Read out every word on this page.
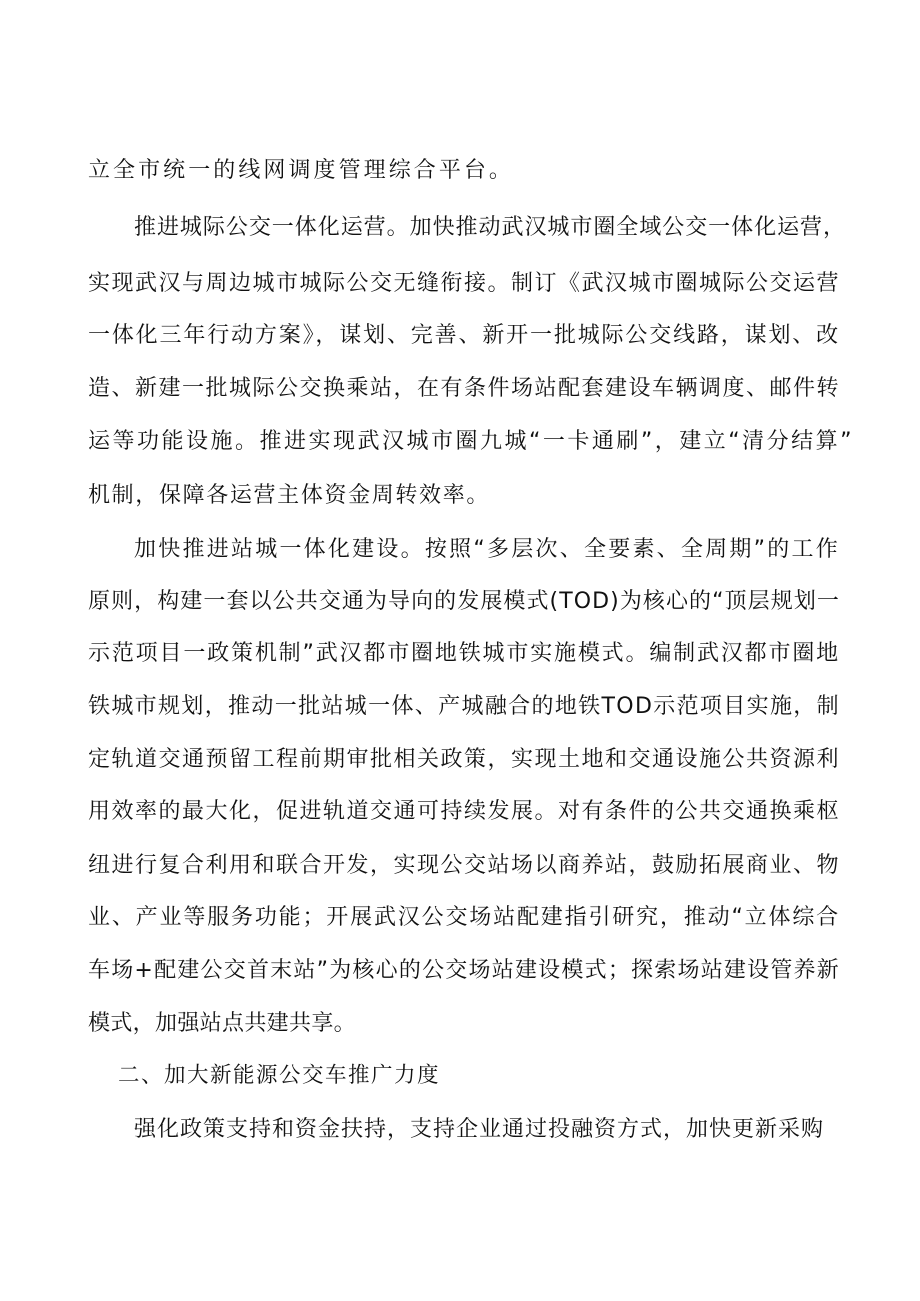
立全市统一的线网调度管理综合平台。
推进城际公交一体化运营。加快推动武汉城市圈全域公交一体化运营，
实现武汉与周边城市城际公交无缝衔接。制订《武汉城市圈城际公交运营
一体化三年行动方案》，谋划、完善、新开一批城际公交线路，谋划、改
造、新建一批城际公交换乘站，在有条件场站配套建设车辆调度、邮件转
运等功能设施。推进实现武汉城市圈九城“一卡通刷”，建立“清分结算”
机制，保障各运营主体资金周转效率。
加快推进站城一体化建设。按照“多层次、全要素、全周期”的工作
原则，构建一套以公共交通为导向的发展模式(TOD)为核心的“顶层规划一
示范项目一政策机制”武汉都市圈地铁城市实施模式。编制武汉都市圈地
铁城市规划，推动一批站城一体、产城融合的地铁TOD示范项目实施，制
定轨道交通预留工程前期审批相关政策，实现土地和交通设施公共资源利
用效率的最大化，促进轨道交通可持续发展。对有条件的公共交通换乘枢
纽进行复合利用和联合开发，实现公交站场以商养站，鼓励拓展商业、物
业、产业等服务功能；开展武汉公交场站配建指引研究，推动“立体综合
车场+配建公交首末站”为核心的公交场站建设模式；探索场站建设管养新
模式，加强站点共建共享。
二、加大新能源公交车推广力度
强化政策支持和资金扶持，支持企业通过投融资方式，加快更新采购
